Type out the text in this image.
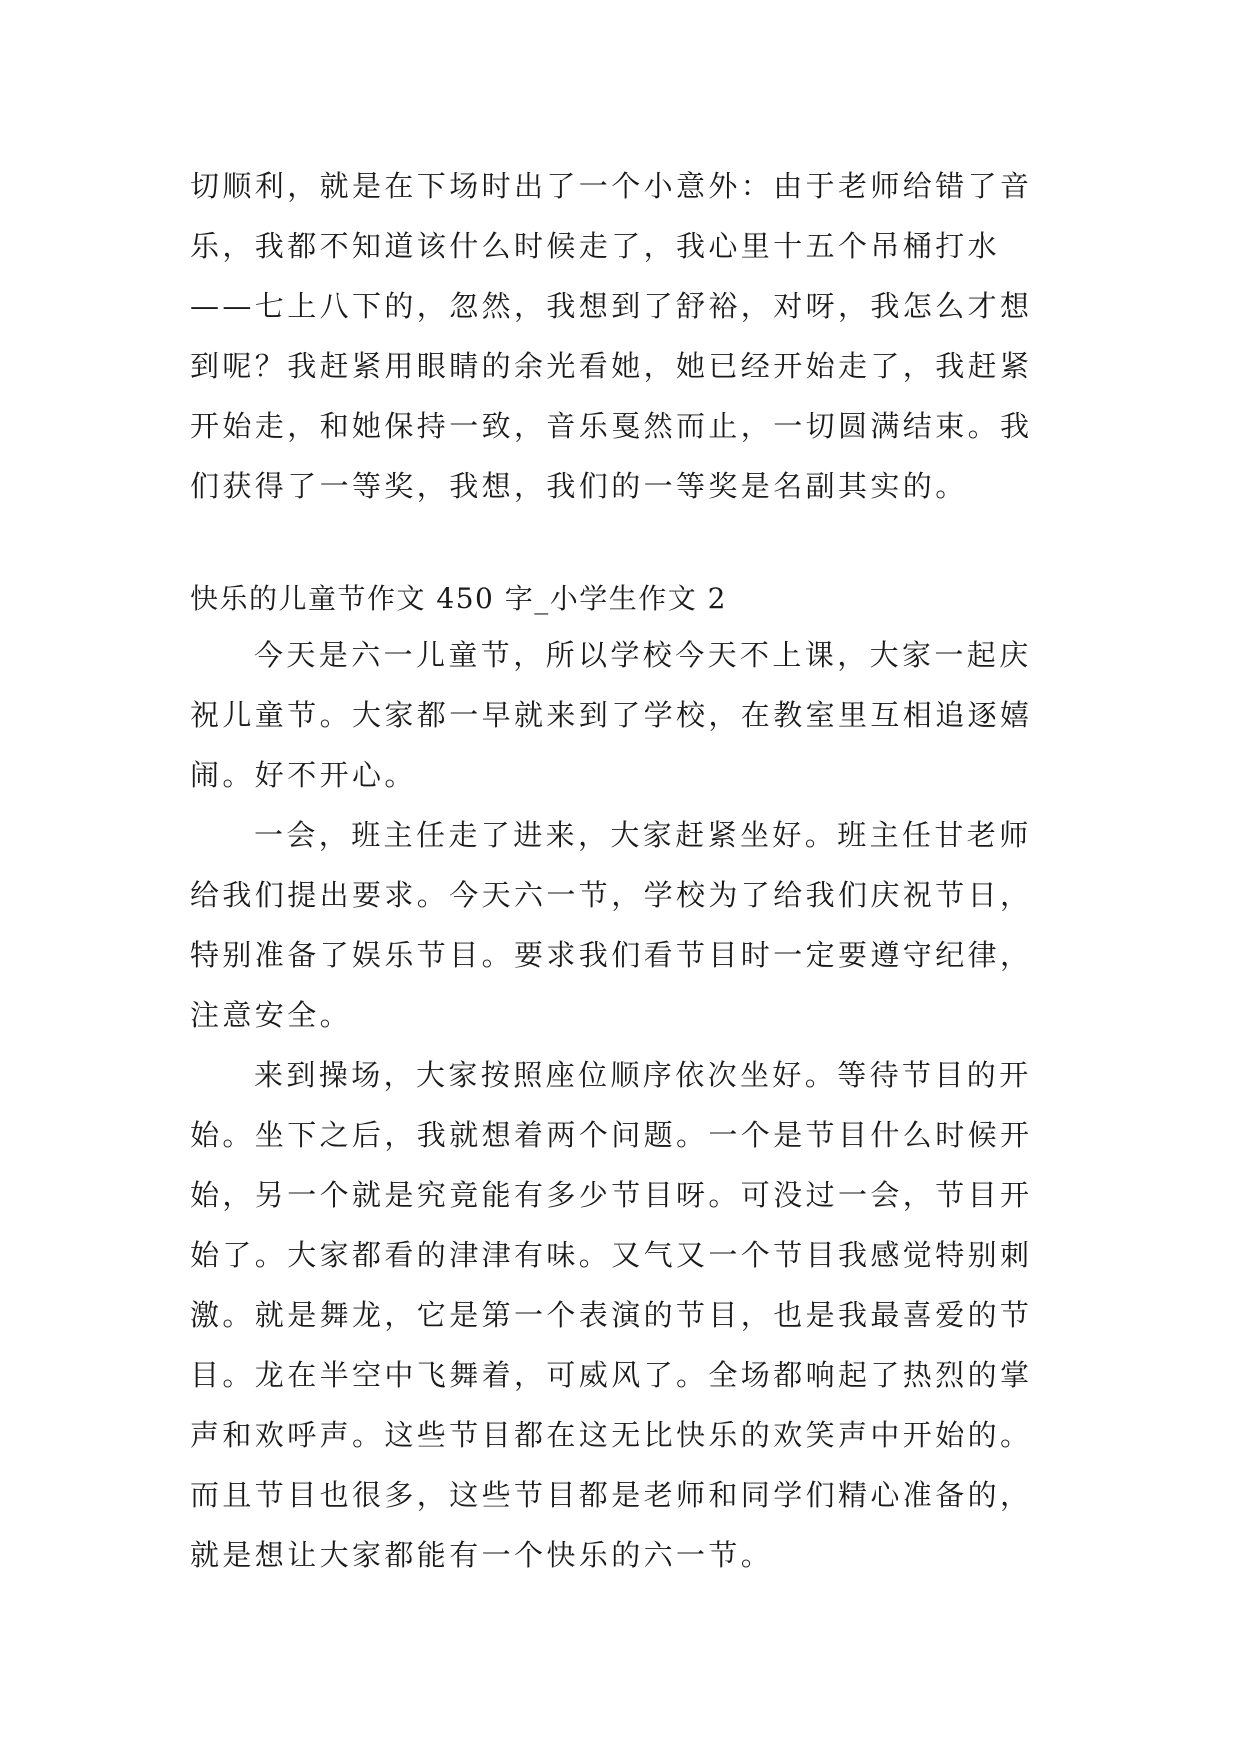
切顺利，就是在下场时出了一个小意外：由于老师给错了音
乐，我都不知道该什么时候走了，我心里十五个吊桶打水
——七上八下的，忽然，我想到了舒裕，对呀，我怎么才想
到呢？我赶紧用眼睛的余光看她，她已经开始走了，我赶紧
开始走，和她保持一致，音乐戛然而止，一切圆满结束。我
们获得了一等奖，我想，我们的一等奖是名副其实的。
快乐的儿童节作文 450 字_小学生作文 2
今天是六一儿童节，所以学校今天不上课，大家一起庆
祝儿童节。大家都一早就来到了学校，在教室里互相追逐嬉
闹。好不开心。
一会，班主任走了进来，大家赶紧坐好。班主任甘老师
给我们提出要求。今天六一节，学校为了给我们庆祝节日，
特别准备了娱乐节目。要求我们看节目时一定要遵守纪律，
注意安全。
来到操场，大家按照座位顺序依次坐好。等待节目的开
始。坐下之后，我就想着两个问题。一个是节目什么时候开
始，另一个就是究竟能有多少节目呀。可没过一会，节目开
始了。大家都看的津津有味。又气又一个节目我感觉特别刺
激。就是舞龙，它是第一个表演的节目，也是我最喜爱的节
目。龙在半空中飞舞着，可威风了。全场都响起了热烈的掌
声和欢呼声。这些节目都在这无比快乐的欢笑声中开始的。
而且节目也很多，这些节目都是老师和同学们精心准备的，
就是想让大家都能有一个快乐的六一节。
